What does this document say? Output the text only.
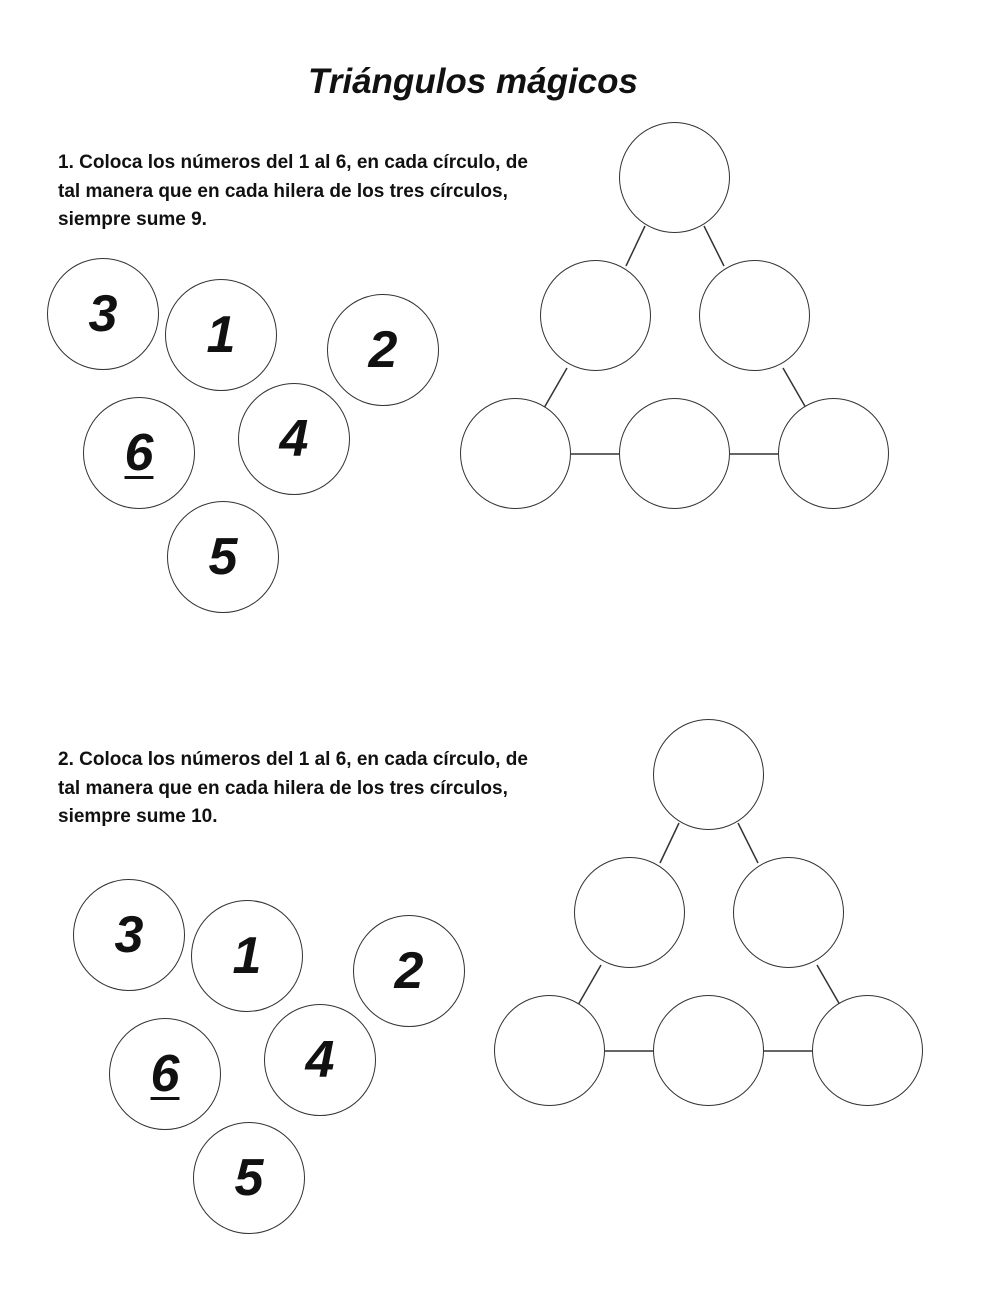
Triángulos mágicos

1. Coloca los números del 1 al 6, en cada círculo, de tal manera que en cada hilera de los tres círculos, siempre sume 9.

3 1	2
6 4
5

2. Coloca los números del 1 al 6, en cada círculo, de tal manera que en cada hilera de los tres círculos, siempre sume 10.

3 1	2
6 4
5
